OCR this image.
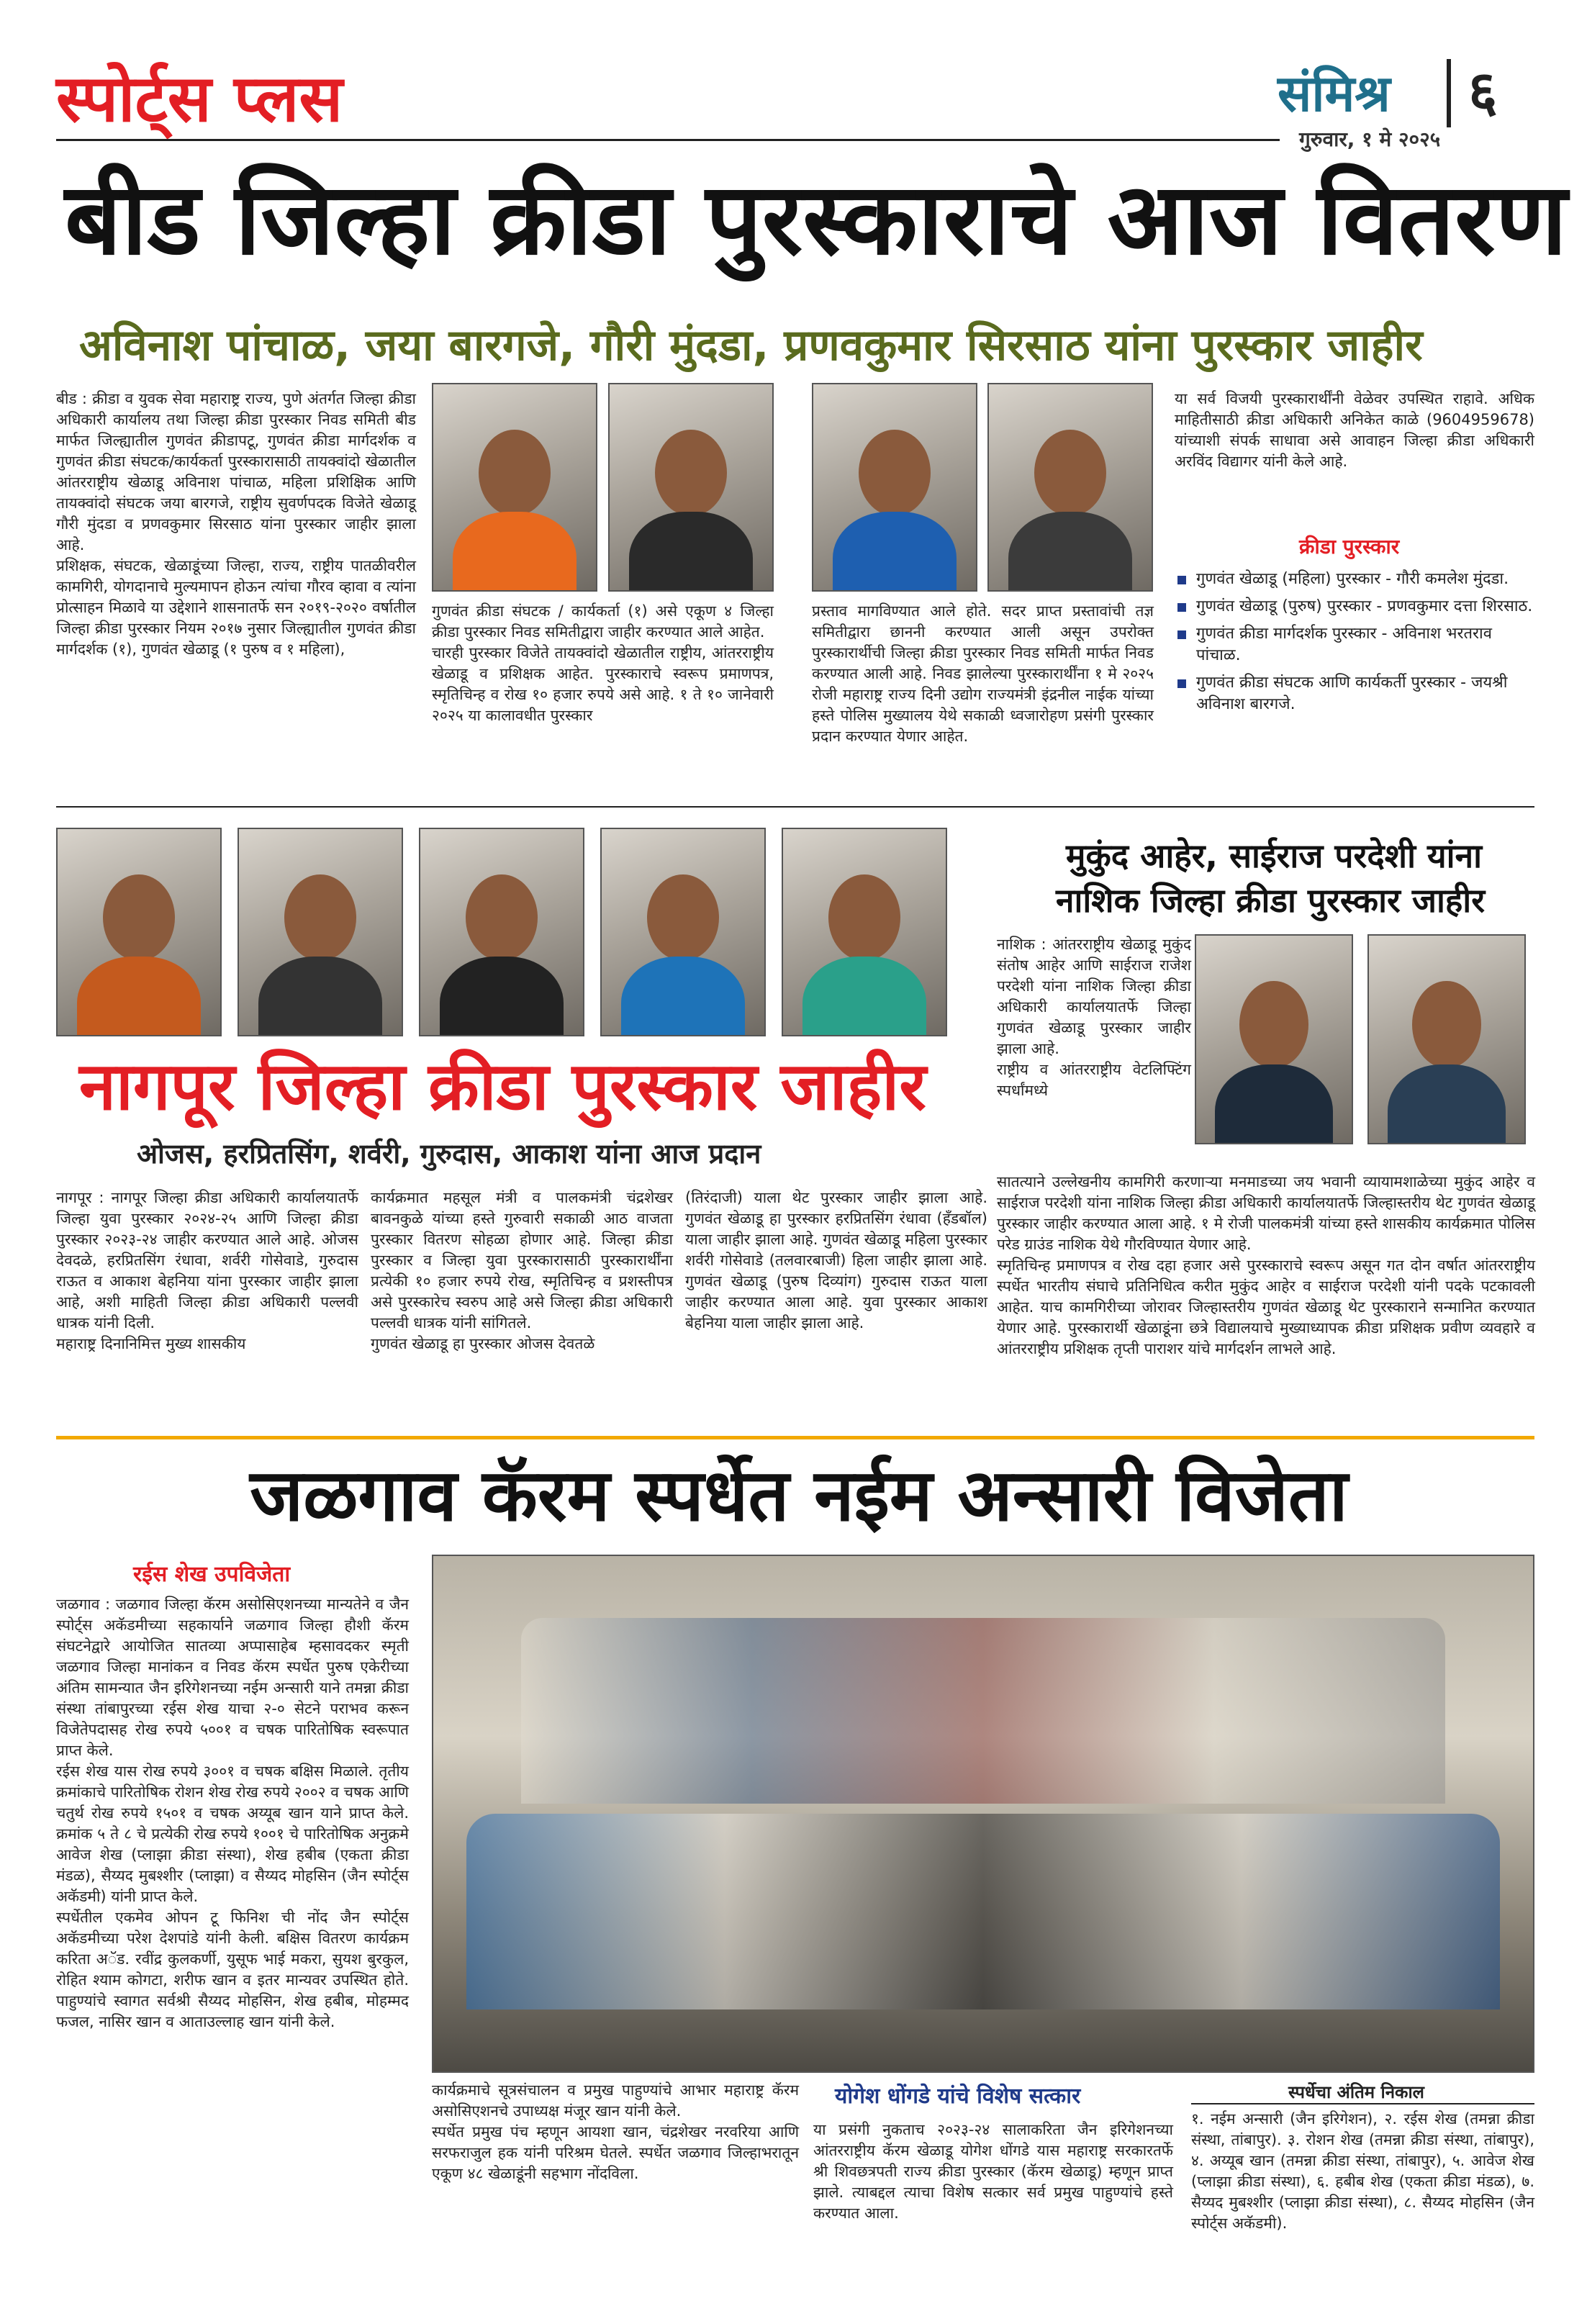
स्पोर्ट्स प्लस	संमिश्र ६
गुरुवार, १ मे २०२५
बीड जिल्हा क्रीडा पुरस्काराचे आज वितरण
अविनाश पांचाळ, जया बारगजे, गौरी मुंदडा, प्रणवकुमार सिरसाठ यांना पुरस्कार जाहीर
बीड : क्रीडा व युवक सेवा महाराष्ट्र राज्य, पुणे अंतर्गत जिल्हा क्रीडा अधिकारी कार्यालय तथा जिल्हा क्रीडा पुरस्कार निवड समिती बीड मार्फत जिल्ह्यातील गुणवंत क्रीडापटू, गुणवंत क्रीडा मार्गदर्शक व गुणवंत क्रीडा संघटक/कार्यकर्ता पुरस्कारासाठी तायक्वांदो खेळातील आंतरराष्ट्रीय खेळाडू अविनाश पांचाळ, महिला प्रशिक्षिक आणि तायक्वांदो संघटक जया बारगजे, राष्ट्रीय सुवर्णपदक विजेते खेळाडू गौरी मुंदडा व प्रणवकुमार सिरसाठ यांना पुरस्कार जाहीर झाला आहे.
प्रशिक्षक, संघटक, खेळाडूंच्या जिल्हा, राज्य, राष्ट्रीय पातळीवरील कामगिरी, योगदानाचे मुल्यमापन होऊन त्यांचा गौरव व्हावा व त्यांना प्रोत्साहन मिळावे या उद्देशाने शासनातर्फे सन २०१९-२०२० वर्षातील जिल्हा क्रीडा पुरस्कार नियम २०१७ नुसार जिल्ह्यातील गुणवंत क्रीडा मार्गदर्शक (१), गुणवंत खेळाडू (१ पुरुष व १ महिला),
गुणवंत क्रीडा संघटक / कार्यकर्ता (१) असे एकूण ४ जिल्हा क्रीडा पुरस्कार निवड समितीद्वारा जाहीर करण्यात आले आहेत.
चारही पुरस्कार विजेते तायक्वांदो खेळातील राष्ट्रीय, आंतरराष्ट्रीय खेळाडू व प्रशिक्षक आहेत. पुरस्काराचे स्वरूप प्रमाणपत्र, स्मृतिचिन्ह व रोख १० हजार रुपये असे आहे. १ ते १० जानेवारी २०२५ या कालावधीत पुरस्कार
प्रस्ताव मागविण्यात आले होते. सदर प्राप्त प्रस्तावांची तज्ञ समितीद्वारा छाननी करण्यात आली असून उपरोक्त पुरस्कारार्थीची जिल्हा क्रीडा पुरस्कार निवड समिती मार्फत निवड करण्यात आली आहे. निवड झालेल्या पुरस्कारार्थींना १ मे २०२५ रोजी महाराष्ट्र राज्य दिनी उद्योग राज्यमंत्री इंद्रनील नाईक यांच्या हस्ते पोलिस मुख्यालय येथे सकाळी ध्वजारोहण प्रसंगी पुरस्कार प्रदान करण्यात येणार आहेत.
या सर्व विजयी पुरस्कारार्थींनी वेळेवर उपस्थित राहावे. अधिक माहितीसाठी क्रीडा अधिकारी अनिकेत काळे (9604959678) यांच्याशी संपर्क साधावा असे आवाहन जिल्हा क्रीडा अधिकारी अरविंद विद्यागर यांनी केले आहे.
क्रीडा पुरस्कार
गुणवंत खेळाडू (महिला) पुरस्कार - गौरी कमलेश मुंदडा.
गुणवंत खेळाडू (पुरुष) पुरस्कार - प्रणवकुमार दत्ता शिरसाठ.
गुणवंत क्रीडा मार्गदर्शक पुरस्कार - अविनाश भरतराव पांचाळ.
गुणवंत क्रीडा संघटक आणि कार्यकर्ती पुरस्कार - जयश्री अविनाश बारगजे.
नागपूर जिल्हा क्रीडा पुरस्कार जाहीर
ओजस, हरप्रितसिंग, शर्वरी, गुरुदास, आकाश यांना आज प्रदान
नागपूर : नागपूर जिल्हा क्रीडा अधिकारी कार्यालयातर्फे जिल्हा युवा पुरस्कार २०२४-२५ आणि जिल्हा क्रीडा पुरस्कार २०२३-२४ जाहीर करण्यात आले आहे. ओजस देवदळे, हरप्रितसिंग रंधावा, शर्वरी गोसेवाडे, गुरुदास राऊत व आकाश बेहनिया यांना पुरस्कार जाहीर झाला आहे, अशी माहिती जिल्हा क्रीडा अधिकारी पल्लवी धात्रक यांनी दिली.
महाराष्ट्र दिनानिमित्त मुख्य शासकीय
कार्यक्रमात महसूल मंत्री व पालकमंत्री चंद्रशेखर बावनकुळे यांच्या हस्ते गुरुवारी सकाळी आठ वाजता पुरस्कार वितरण सोहळा होणार आहे. जिल्हा क्रीडा पुरस्कार व जिल्हा युवा पुरस्कारासाठी पुरस्कारार्थींना प्रत्येकी १० हजार रुपये रोख, स्मृतिचिन्ह व प्रशस्तीपत्र असे पुरस्कारेच स्वरुप आहे असे जिल्हा क्रीडा अधिकारी पल्लवी धात्रक यांनी सांगितले.
गुणवंत खेळाडू हा पुरस्कार ओजस देवतळे
(तिरंदाजी) याला थेट पुरस्कार जाहीर झाला आहे. गुणवंत खेळाडू हा पुरस्कार हरप्रितसिंग रंधावा (हँडबॉल) याला जाहीर झाला आहे. गुणवंत खेळाडू महिला पुरस्कार शर्वरी गोसेवाडे (तलवारबाजी) हिला जाहीर झाला आहे. गुणवंत खेळाडू (पुरुष दिव्यांग) गुरुदास राऊत याला जाहीर करण्यात आला आहे. युवा पुरस्कार आकाश बेहनिया याला जाहीर झाला आहे.
मुकुंद आहेर, साईराज परदेशी यांना
नाशिक जिल्हा क्रीडा पुरस्कार जाहीर
नाशिक : आंतरराष्ट्रीय खेळाडू मुकुंद संतोष आहेर आणि साईराज राजेश परदेशी यांना नाशिक जिल्हा क्रीडा अधिकारी कार्यालयातर्फे जिल्हा गुणवंत खेळाडू पुरस्कार जाहीर झाला आहे.
राष्ट्रीय व आंतरराष्ट्रीय वेटलिफ्टिंग स्पर्धांमध्ये
सातत्याने उल्लेखनीय कामगिरी करणाऱ्या मनमाडच्या जय भवानी व्यायामशाळेच्या मुकुंद आहेर व साईराज परदेशी यांना नाशिक जिल्हा क्रीडा अधिकारी कार्यालयातर्फे जिल्हास्तरीय थेट गुणवंत खेळाडू पुरस्कार जाहीर करण्यात आला आहे. १ मे रोजी पालकमंत्री यांच्या हस्ते शासकीय कार्यक्रमात पोलिस परेड ग्राउंड नाशिक येथे गौरविण्यात येणार आहे.
स्मृतिचिन्ह प्रमाणपत्र व रोख दहा हजार असे पुरस्काराचे स्वरूप असून गत दोन वर्षात आंतरराष्ट्रीय स्पर्धेत भारतीय संघाचे प्रतिनिधित्व करीत मुकुंद आहेर व साईराज परदेशी यांनी पदके पटकावली आहेत. याच कामगिरीच्या जोरावर जिल्हास्तरीय गुणवंत खेळाडू थेट पुरस्काराने सन्मानित करण्यात येणार आहे. पुरस्कारार्थी खेळाडूंना छत्रे विद्यालयाचे मुख्याध्यापक क्रीडा प्रशिक्षक प्रवीण व्यवहारे व आंतरराष्ट्रीय प्रशिक्षक तृप्ती पाराशर यांचे मार्गदर्शन लाभले आहे.
जळगाव कॅरम स्पर्धेत नईम अन्सारी विजेता
रईस शेख उपविजेता
जळगाव : जळगाव जिल्हा कॅरम असोसिएशनच्या मान्यतेने व जैन स्पोर्ट्स अकॅडमीच्या सहकार्याने जळगाव जिल्हा हौशी कॅरम संघटनेद्वारे आयोजित सातव्या अप्पासाहेब म्हसावदकर स्मृती जळगाव जिल्हा मानांकन व निवड कॅरम स्पर्धेत पुरुष एकेरीच्या अंतिम सामन्यात जैन इरिगेशनच्या नईम अन्सारी याने तमन्ना क्रीडा संस्था तांबापुरच्या रईस शेख याचा २-० सेटने पराभव करून विजेतेपदासह रोख रुपये ५००१ व चषक पारितोषिक स्वरूपात प्राप्त केले.
रईस शेख यास रोख रुपये ३००१ व चषक बक्षिस मिळाले. तृतीय क्रमांकाचे पारितोषिक रोशन शेख रोख रुपये २००२ व चषक आणि चतुर्थ रोख रुपये १५०१ व चषक अय्यूब खान याने प्राप्त केले. क्रमांक ५ ते ८ चे प्रत्येकी रोख रुपये १००१ चे पारितोषिक अनुक्रमे आवेज शेख (प्लाझा क्रीडा संस्था), शेख हबीब (एकता क्रीडा मंडळ), सैय्यद मुबश्शीर (प्लाझा) व सैय्यद मोहसिन (जैन स्पोर्ट्स अकॅडमी) यांनी प्राप्त केले.
स्पर्धेतील एकमेव ओपन टू फिनिश ची नोंद जैन स्पोर्ट्स अकॅडमीच्या परेश देशपांडे यांनी केली. बक्षिस वितरण कार्यक्रम करिता अॅड. रवींद्र कुलकर्णी, युसूफ भाई मकरा, सुयश बुरकुल, रोहित श्याम कोगटा, शरीफ खान व इतर मान्यवर उपस्थित होते. पाहुण्यांचे स्वागत सर्वश्री सैय्यद मोहसिन, शेख हबीब, मोहम्मद फजल, नासिर खान व आताउल्लाह खान यांनी केले.
कार्यक्रमाचे सूत्रसंचालन व प्रमुख पाहुण्यांचे आभार महाराष्ट्र कॅरम असोसिएशनचे उपाध्यक्ष मंजूर खान यांनी केले.
स्पर्धेत प्रमुख पंच म्हणून आयशा खान, चंद्रशेखर नरवरिया आणि सरफराजुल हक यांनी परिश्रम घेतले. स्पर्धेत जळगाव जिल्हाभरातून एकूण ४८ खेळाडूंनी सहभाग नोंदविला.
योगेश धोंगडे यांचे विशेष सत्कार
या प्रसंगी नुकताच २०२३-२४ सालाकरिता जैन इरिगेशनच्या आंतरराष्ट्रीय कॅरम खेळाडू योगेश धोंगडे यास महाराष्ट्र सरकारतर्फे श्री शिवछत्रपती राज्य क्रीडा पुरस्कार (कॅरम खेळाडू) म्हणून प्राप्त झाले. त्याबद्दल त्याचा विशेष सत्कार सर्व प्रमुख पाहुण्यांचे हस्ते करण्यात आला.
स्पर्धेचा अंतिम निकाल
१. नईम अन्सारी (जैन इरिगेशन), २. रईस शेख (तमन्ना क्रीडा संस्था, तांबापुर). ३. रोशन शेख (तमन्ना क्रीडा संस्था, तांबापुर), ४. अय्यूब खान (तमन्ना क्रीडा संस्था, तांबापुर), ५. आवेज शेख (प्लाझा क्रीडा संस्था), ६. हबीब शेख (एकता क्रीडा मंडळ), ७. सैय्यद मुबश्शीर (प्लाझा क्रीडा संस्था), ८. सैय्यद मोहसिन (जैन स्पोर्ट्स अकॅडमी).
